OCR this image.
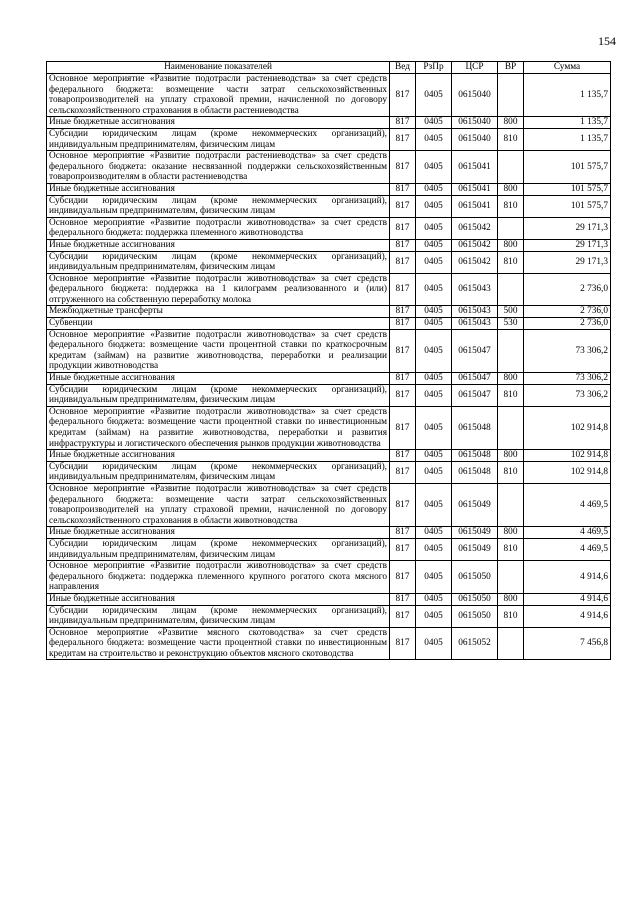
154
Наименование показателей	Вед	РзПр	ЦСР	ВР	Сумма
Основное мероприятие «Развитие подотрасли растениеводства» за счет средств федерального бюджета: возмещение части затрат сельскохозяйственных товаропроизводителей на уплату страховой премии, начисленной по договору сельскохозяйственного страхования в области растениеводства	817	0405	0615040		1 135,7
Иные бюджетные ассигнования	817	0405	0615040	800	1 135,7
Субсидии юридическим лицам (кроме некоммерческих организаций), индивидуальным предпринимателям, физическим лицам	817	0405	0615040	810	1 135,7
Основное мероприятие «Развитие подотрасли растениеводства» за счет средств федерального бюджета: оказание несвязанной поддержки сельскохозяйственным товаропроизводителям в области растениеводства	817	0405	0615041		101 575,7
Иные бюджетные ассигнования	817	0405	0615041	800	101 575,7
Субсидии юридическим лицам (кроме некоммерческих организаций), индивидуальным предпринимателям, физическим лицам	817	0405	0615041	810	101 575,7
Основное мероприятие «Развитие подотрасли животноводства» за счет средств федерального бюджета: поддержка племенного животноводства	817	0405	0615042		29 171,3
Иные бюджетные ассигнования	817	0405	0615042	800	29 171,3
Субсидии юридическим лицам (кроме некоммерческих организаций), индивидуальным предпринимателям, физическим лицам	817	0405	0615042	810	29 171,3
Основное мероприятие «Развитие подотрасли животноводства» за счет средств федерального бюджета: поддержка на 1 килограмм реализованного и (или) отгруженного на собственную переработку молока	817	0405	0615043		2 736,0
Межбюджетные трансферты	817	0405	0615043	500	2 736,0
Субвенции	817	0405	0615043	530	2 736,0
Основное мероприятие «Развитие подотрасли животноводства» за счет средств федерального бюджета: возмещение части процентной ставки по краткосрочным кредитам (займам) на развитие животноводства, переработки и реализации продукции животноводства	817	0405	0615047		73 306,2
Иные бюджетные ассигнования	817	0405	0615047	800	73 306,2
Субсидии юридическим лицам (кроме некоммерческих организаций), индивидуальным предпринимателям, физическим лицам	817	0405	0615047	810	73 306,2
Основное мероприятие «Развитие подотрасли животноводства» за счет средств федерального бюджета: возмещение части процентной ставки по инвестиционным кредитам (займам) на развитие животноводства, переработки и развития инфраструктуры и логистического обеспечения рынков продукции животноводства	817	0405	0615048		102 914,8
Иные бюджетные ассигнования	817	0405	0615048	800	102 914,8
Субсидии юридическим лицам (кроме некоммерческих организаций), индивидуальным предпринимателям, физическим лицам	817	0405	0615048	810	102 914,8
Основное мероприятие «Развитие подотрасли животноводства» за счет средств федерального бюджета: возмещение части затрат сельскохозяйственных товаропроизводителей на уплату страховой премии, начисленной по договору сельскохозяйственного страхования в области животноводства	817	0405	0615049		4 469,5
Иные бюджетные ассигнования	817	0405	0615049	800	4 469,5
Субсидии юридическим лицам (кроме некоммерческих организаций), индивидуальным предпринимателям, физическим лицам	817	0405	0615049	810	4 469,5
Основное мероприятие «Развитие подотрасли животноводства» за счет средств федерального бюджета: поддержка племенного крупного рогатого скота мясного направления	817	0405	0615050		4 914,6
Иные бюджетные ассигнования	817	0405	0615050	800	4 914,6
Субсидии юридическим лицам (кроме некоммерческих организаций), индивидуальным предпринимателям, физическим лицам	817	0405	0615050	810	4 914,6
Основное мероприятие «Развитие мясного скотоводства» за счет средств федерального бюджета: возмещение части процентной ставки по инвестиционным кредитам на строительство и реконструкцию объектов мясного скотоводства	817	0405	0615052		7 456,8
